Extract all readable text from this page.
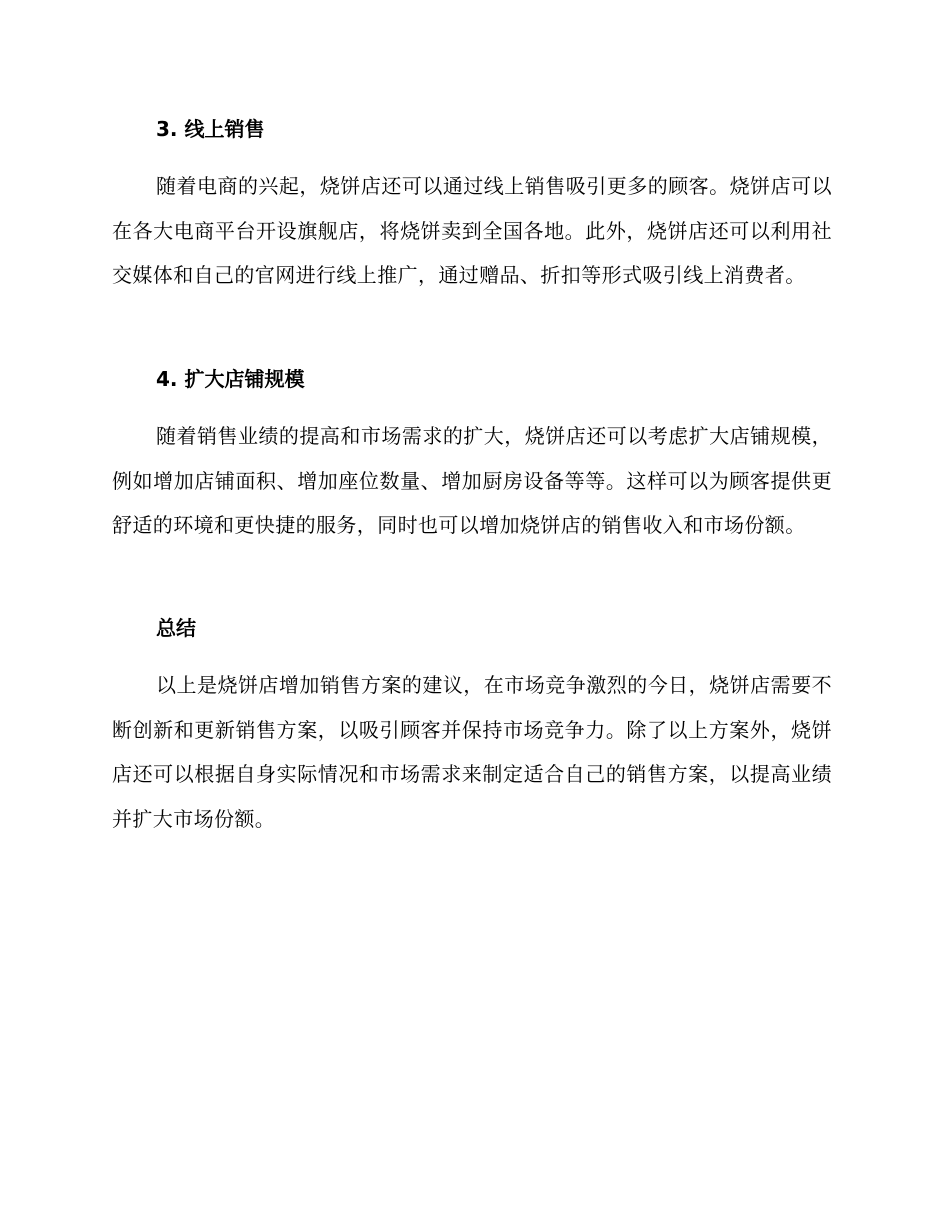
3. 线上销售
随着电商的兴起，烧饼店还可以通过线上销售吸引更多的顾客。烧饼店可以在各大电商平台开设旗舰店，将烧饼卖到全国各地。此外，烧饼店还可以利用社交媒体和自己的官网进行线上推广，通过赠品、折扣等形式吸引线上消费者。
4. 扩大店铺规模
随着销售业绩的提高和市场需求的扩大，烧饼店还可以考虑扩大店铺规模，例如增加店铺面积、增加座位数量、增加厨房设备等等。这样可以为顾客提供更舒适的环境和更快捷的服务，同时也可以增加烧饼店的销售收入和市场份额。
总结
以上是烧饼店增加销售方案的建议，在市场竞争激烈的今日，烧饼店需要不断创新和更新销售方案，以吸引顾客并保持市场竞争力。除了以上方案外，烧饼店还可以根据自身实际情况和市场需求来制定适合自己的销售方案，以提高业绩并扩大市场份额。
